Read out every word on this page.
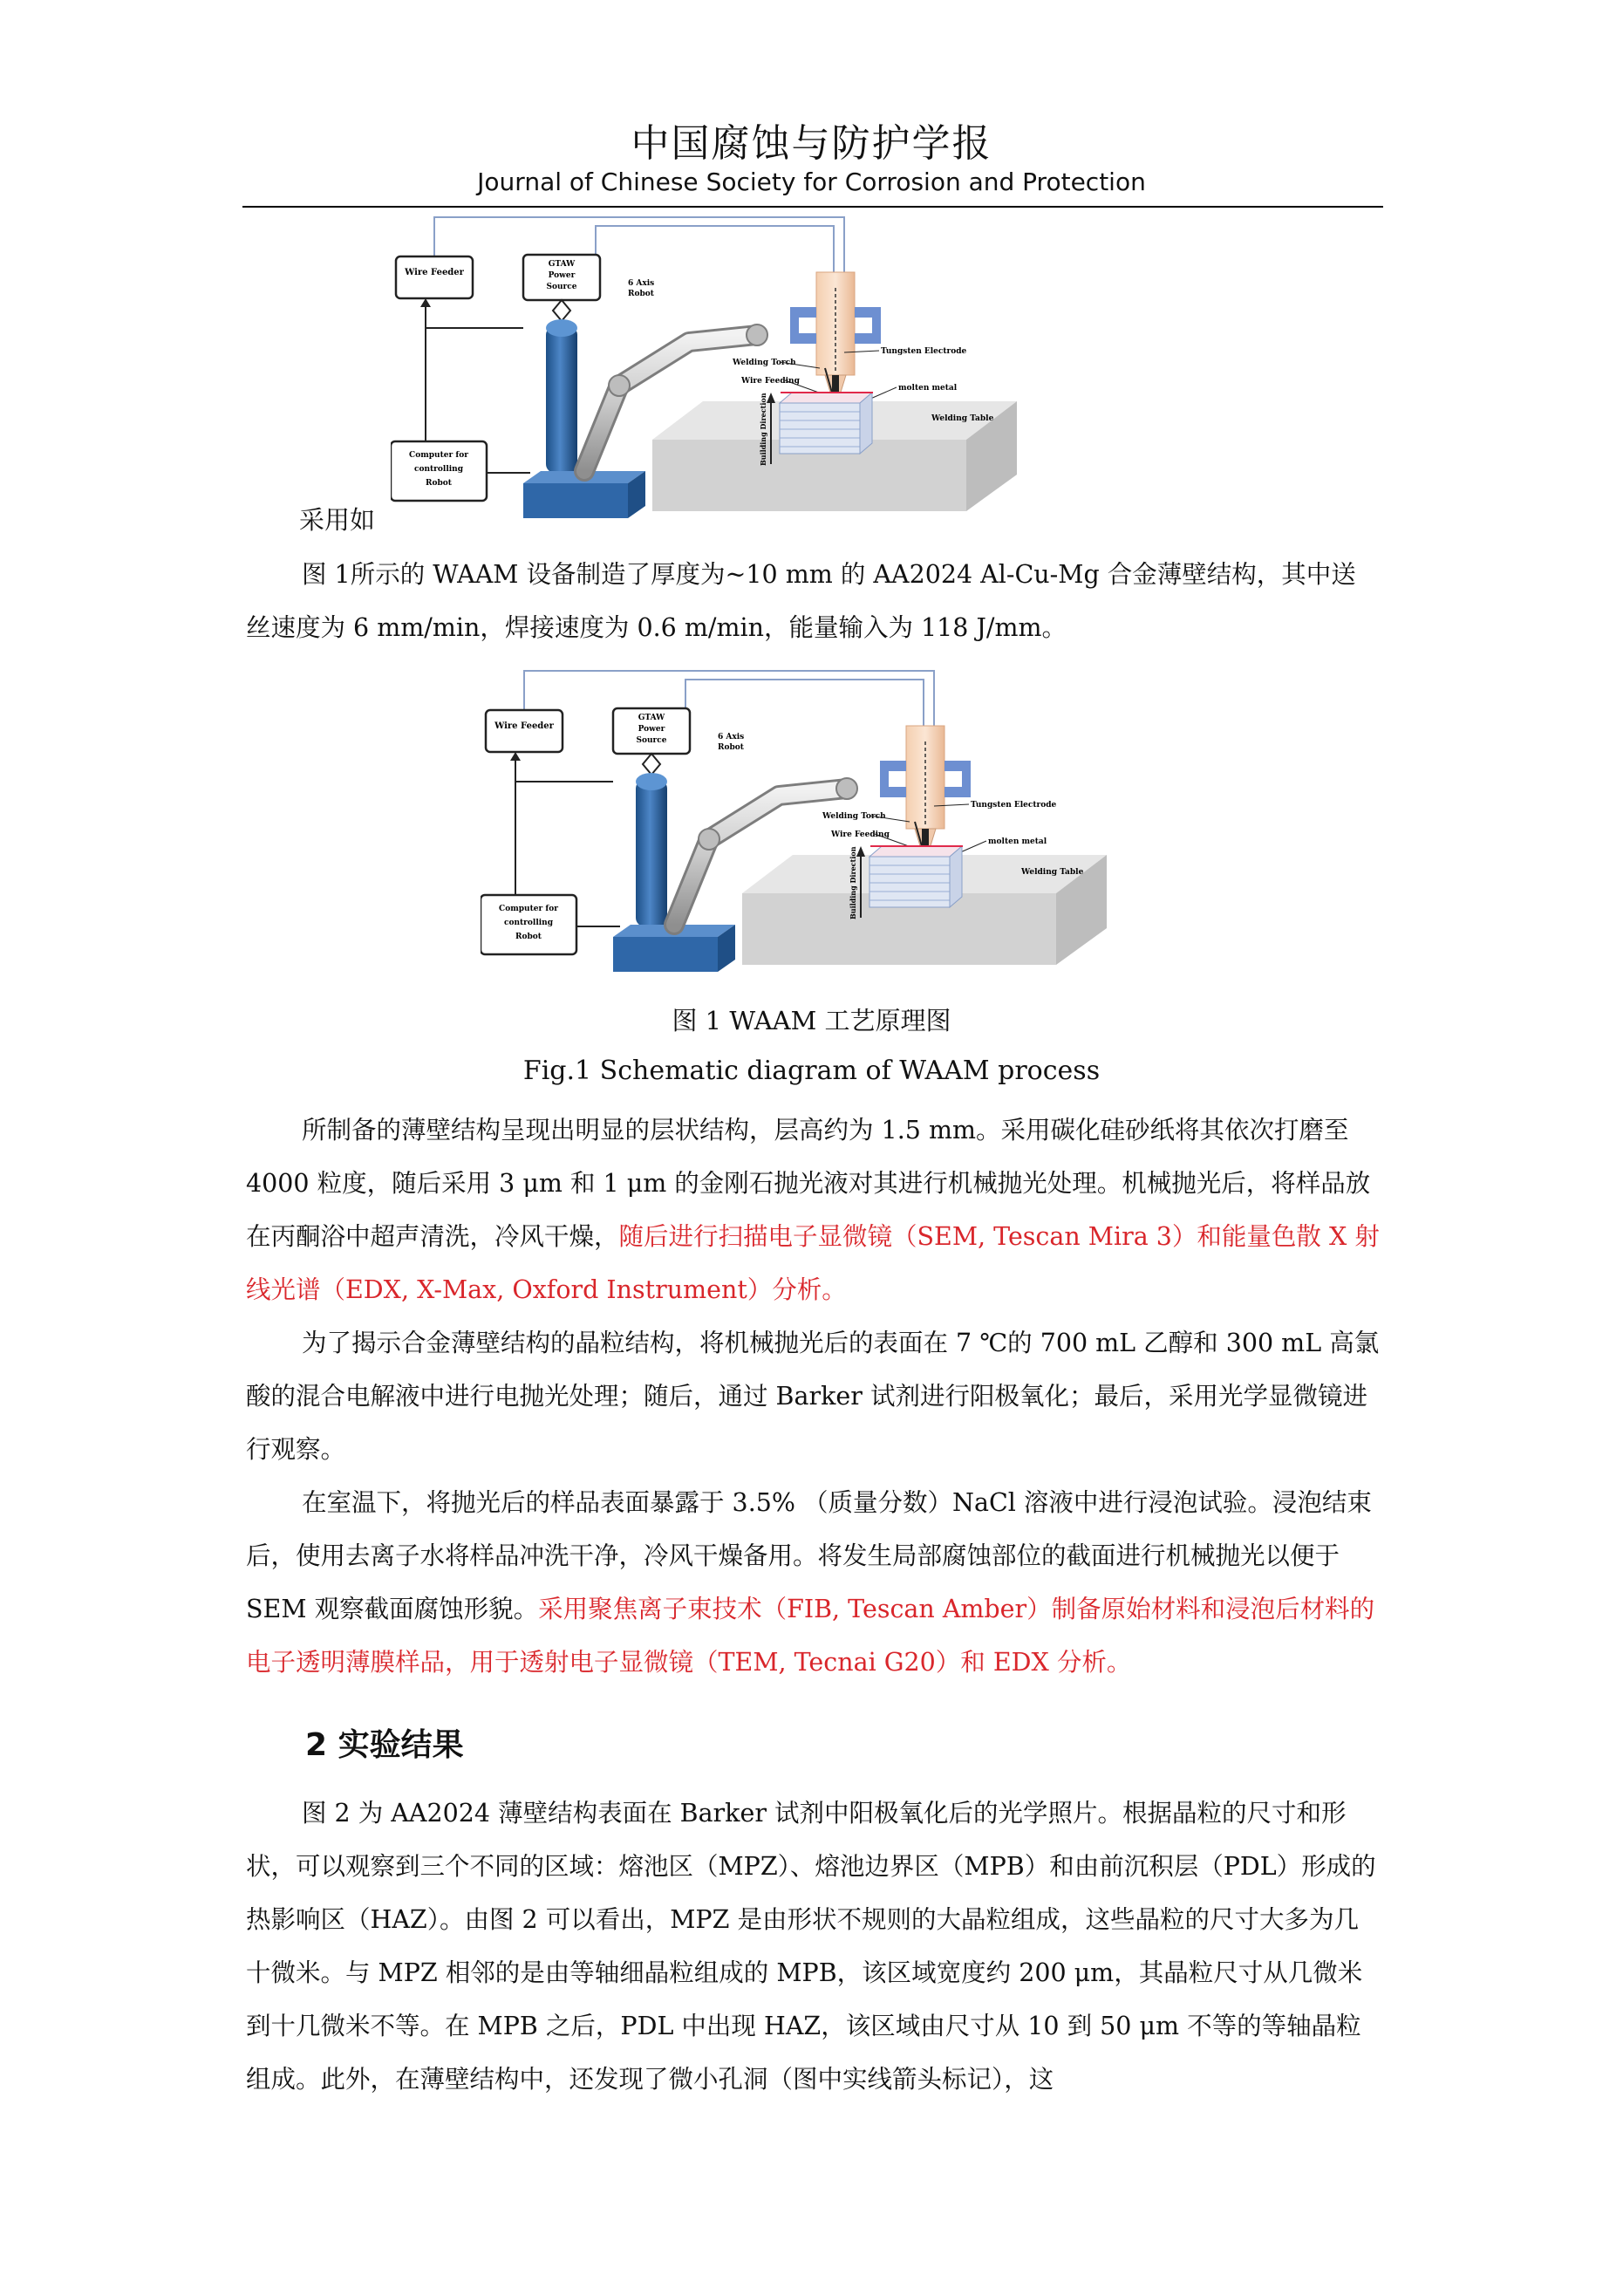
中国腐蚀与防护学报
Journal of Chinese Society for Corrosion and Protection
采用如

图 1所示的 WAAM 设备制造了厚度为~10 mm 的 AA2024 Al-Cu-Mg 合金薄壁结构，其中送丝速度为 6 mm/min，焊接速度为 0.6 m/min，能量输入为 118 J/mm。

图 1 WAAM 工艺原理图
Fig.1 Schematic diagram of WAAM process

所制备的薄壁结构呈现出明显的层状结构，层高约为 1.5 mm。采用碳化硅砂纸将其依次打磨至 4000 粒度，随后采用 3 μm 和 1 μm 的金刚石抛光液对其进行机械抛光处理。机械抛光后，将样品放在丙酮浴中超声清洗，冷风干燥，随后进行扫描电子显微镜（SEM, Tescan Mira 3）和能量色散 X 射线光谱（EDX, X-Max, Oxford Instrument）分析。

为了揭示合金薄壁结构的晶粒结构，将机械抛光后的表面在 7 ℃的 700 mL 乙醇和 300 mL 高氯酸的混合电解液中进行电抛光处理；随后，通过 Barker 试剂进行阳极氧化；最后，采用光学显微镜进行观察。

在室温下，将抛光后的样品表面暴露于 3.5% （质量分数）NaCl 溶液中进行浸泡试验。浸泡结束后，使用去离子水将样品冲洗干净，冷风干燥备用。将发生局部腐蚀部位的截面进行机械抛光以便于 SEM 观察截面腐蚀形貌。采用聚焦离子束技术（FIB, Tescan Amber）制备原始材料和浸泡后材料的电子透明薄膜样品，用于透射电子显微镜（TEM, Tecnai G20）和 EDX 分析。

2 实验结果

图 2 为 AA2024 薄壁结构表面在 Barker 试剂中阳极氧化后的光学照片。根据晶粒的尺寸和形状，可以观察到三个不同的区域：熔池区（MPZ）、熔池边界区（MPB）和由前沉积层（PDL）形成的热影响区（HAZ）。由图 2 可以看出，MPZ 是由形状不规则的大晶粒组成，这些晶粒的尺寸大多为几十微米。与 MPZ 相邻的是由等轴细晶粒组成的 MPB，该区域宽度约 200 μm，其晶粒尺寸从几微米到十几微米不等。在 MPB 之后，PDL 中出现 HAZ，该区域由尺寸从 10 到 50 μm 不等的等轴晶粒组成。此外，在薄壁结构中，还发现了微小孔洞（图中实线箭头标记），这
